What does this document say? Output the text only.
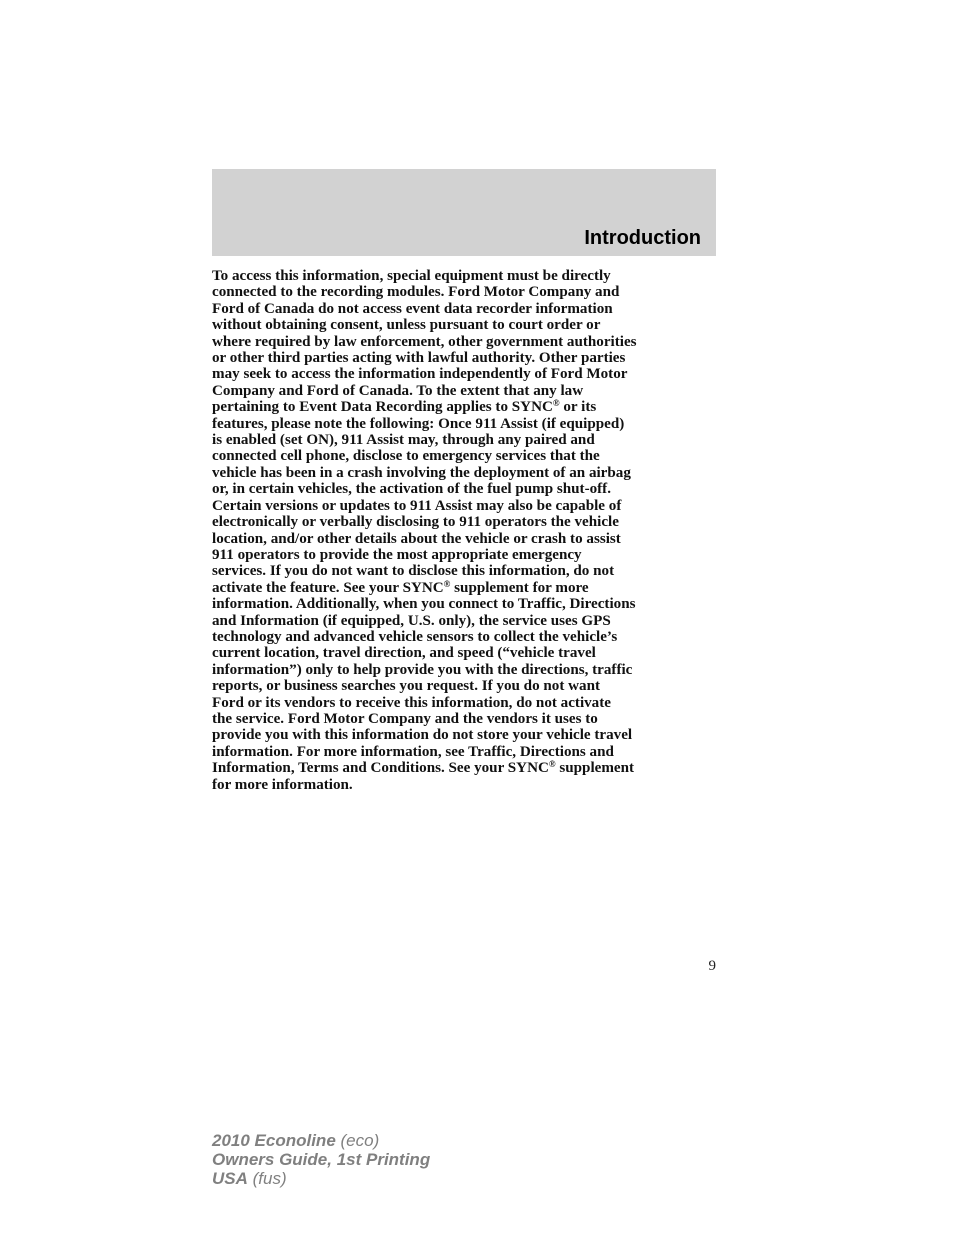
Introduction
To access this information, special equipment must be directly
connected to the recording modules. Ford Motor Company and
Ford of Canada do not access event data recorder information
without obtaining consent, unless pursuant to court order or
where required by law enforcement, other government authorities
or other third parties acting with lawful authority. Other parties
may seek to access the information independently of Ford Motor
Company and Ford of Canada. To the extent that any law
pertaining to Event Data Recording applies to SYNC® or its
features, please note the following: Once 911 Assist (if equipped)
is enabled (set ON), 911 Assist may, through any paired and
connected cell phone, disclose to emergency services that the
vehicle has been in a crash involving the deployment of an airbag
or, in certain vehicles, the activation of the fuel pump shut-off.
Certain versions or updates to 911 Assist may also be capable of
electronically or verbally disclosing to 911 operators the vehicle
location, and/or other details about the vehicle or crash to assist
911 operators to provide the most appropriate emergency
services. If you do not want to disclose this information, do not
activate the feature. See your SYNC® supplement for more
information. Additionally, when you connect to Traffic, Directions
and Information (if equipped, U.S. only), the service uses GPS
technology and advanced vehicle sensors to collect the vehicle’s
current location, travel direction, and speed (“vehicle travel
information”) only to help provide you with the directions, traffic
reports, or business searches you request. If you do not want
Ford or its vendors to receive this information, do not activate
the service. Ford Motor Company and the vendors it uses to
provide you with this information do not store your vehicle travel
information. For more information, see Traffic, Directions and
Information, Terms and Conditions. See your SYNC® supplement
for more information.
9
2010 Econoline (eco)
Owners Guide, 1st Printing
USA (fus)
